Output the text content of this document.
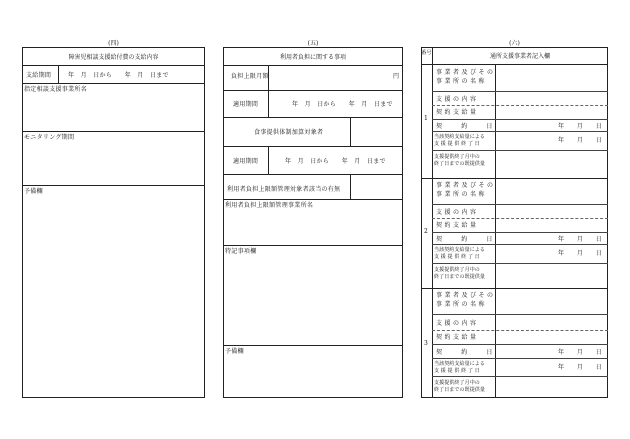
(四)
障害児相談支援給付費の支給内容
支給期間	年　月　日から　　年　月　日まで
指定相談支援事業所名
モニタリング期間
予備欄
(五)
利用者負担に関する事項
負担上限月額	円
適用期間	年　月　日から　　年　月　日まで
食事提供体制加算対象者
適用期間	年　月　日から　　年　月　日まで
利用者負担上限額管理対象者該当の有無
利用者負担上限額管理事業所名
特記事項欄
予備欄
(六)
番号	通所支援事業者記入欄
1
事 業 者 及 び そ の
事 業 所 の 名 称
支 援 の 内 容
契 約 支 給 量
契　　　約　　　日	年　　月　　日
当該契約支給量による
支 援 提 供 終 了 日	年　　月　　日
支援提供終了月中の
終了日までの既提供量
2
事 業 者 及 び そ の
事 業 所 の 名 称
支 援 の 内 容
契 約 支 給 量
契　　　約　　　日	年　　月　　日
当該契約支給量による
支 援 提 供 終 了 日	年　　月　　日
支援提供終了月中の
終了日までの既提供量
3
事 業 者 及 び そ の
事 業 所 の 名 称
支 援 の 内 容
契 約 支 給 量
契　　　約　　　日	年　　月　　日
当該契約支給量による
支 援 提 供 終 了 日	年　　月　　日
支援提供終了月中の
終了日までの既提供量
